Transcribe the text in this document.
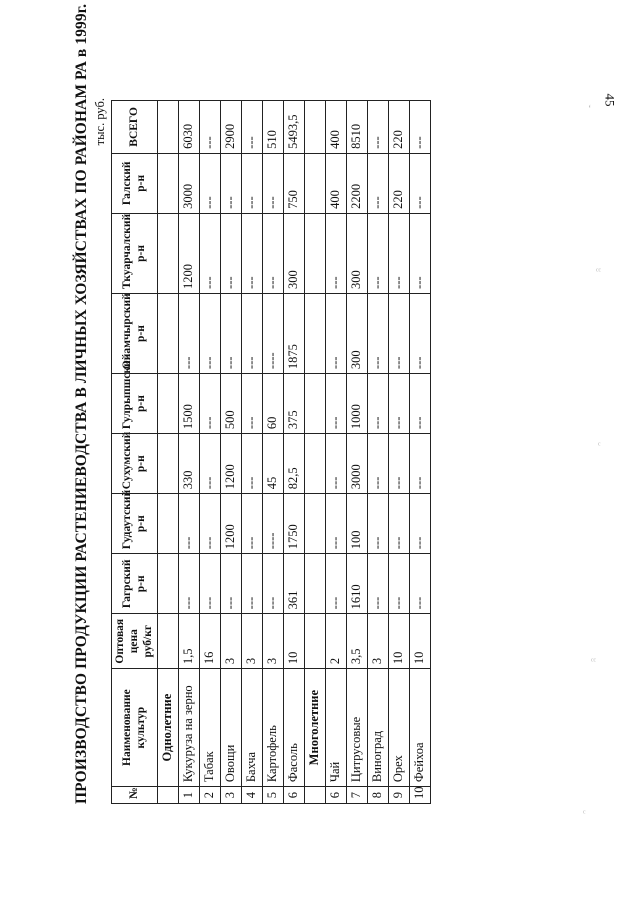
45
‘
ᶜᶜ
ᶜ
ᶜᶜ
ᶜ
ПРОИЗВОДСТВО ПРОДУКЦИИ РАСТЕНИЕВОДСТВА В ЛИЧНЫХ ХОЗЯЙСТВАХ ПО РАЙОНАМ РА в 1999г. тыс. руб.
№	Наименование культур	Оптовая цена руб/кг	Гагрский р-н	Гудаутский р-н	Сухумский р-н	Гулрыпшский р-н	Очамчырский р-н	Ткуарчалский р-н	Галский р-н	ВСЕГО
	Однолетние									
1	Кукуруза на зерно	1,5	---	---	330	1500	---	1200	3000	6030
2	Табак	16	---	---	---	---	---	---	---	---
3	Овощи	3	---	1200	1200	500	---	---	---	2900
4	Бахча	3	---	---	---	---	---	---	---	---
5	Картофель	3	---	----	45	60	----	---	---	510
6	Фасоль	10	361	1750	82,5	375	1875	300	750	5493,5
	Многолетние									
6	Чай	2	---	---	---	---	---	---	400	400
7	Цитрусовые	3,5	1610	100	3000	1000	300	300	2200	8510
8	Виноград	3	---	---	---	---	---	---	---	---
9	Орех	10	---	---	---	---	---	---	220	220
10	Фейхоа	10	---	---	---	---	---	---	---	---
